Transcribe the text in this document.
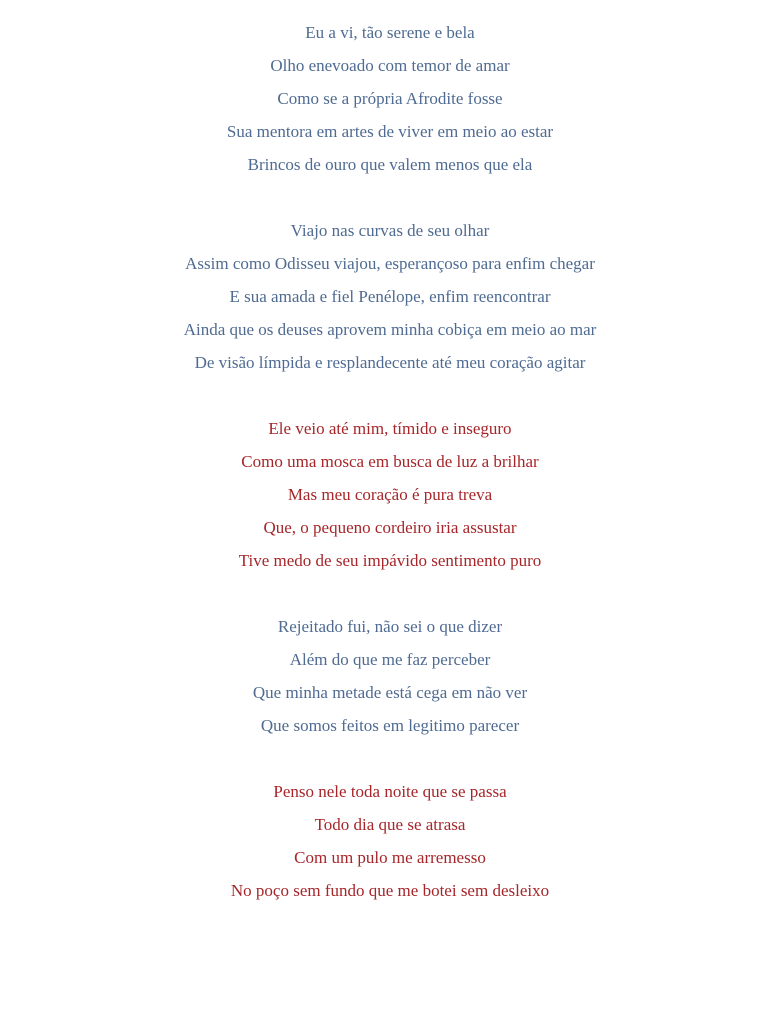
Eu a vi, tão serene e bela
Olho enevoado com temor de amar
Como se a própria Afrodite fosse
Sua mentora em artes de viver em meio ao estar
Brincos de ouro que valem menos que ela
Viajo nas curvas de seu olhar
Assim como Odisseu viajou, esperançoso para enfim chegar
E sua amada e fiel Penélope, enfim reencontrar
Ainda que os deuses aprovem minha cobiça em meio ao mar
De visão límpida e resplandecente até meu coração agitar
Ele veio até mim, tímido e inseguro
Como uma mosca em busca de luz a brilhar
Mas meu coração é pura treva
Que, o pequeno cordeiro iria assustar
Tive medo de seu impávido sentimento puro
Rejeitado fui, não sei o que dizer
Além do que me faz perceber
Que minha metade está cega em não ver
Que somos feitos em legitimo parecer
Penso nele toda noite que se passa
Todo dia que se atrasa
Com um pulo me arremesso
No poço sem fundo que me botei sem desleixo
